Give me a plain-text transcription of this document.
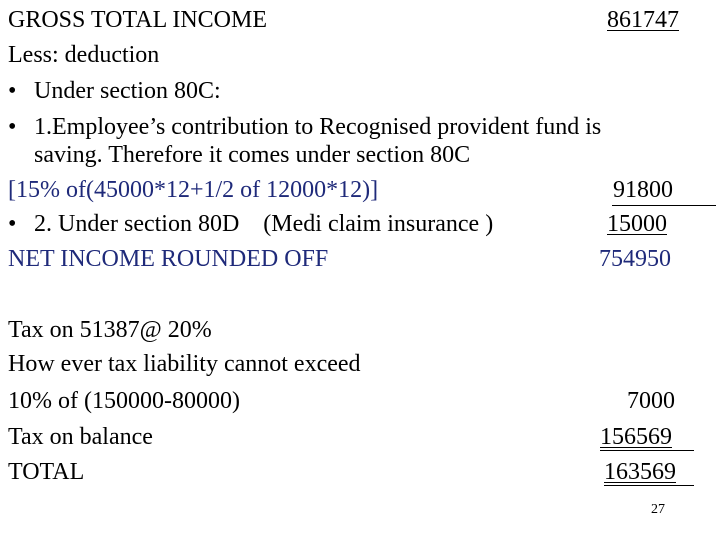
GROSS TOTAL INCOME	861747
Less: deduction
• Under section 80C:
• 1.Employee’s contribution to Recognised provident fund is
saving. Therefore it comes under section 80C
[15% of(45000*12+1/2 of 12000*12)]	91800
• 2. Under section 80D    (Medi claim insurance )	15000
NET INCOME ROUNDED OFF	754950
Tax on 51387@ 20%
How ever tax liability cannot exceed
10% of (150000-80000)	7000
Tax on balance	156569
TOTAL	163569
27
